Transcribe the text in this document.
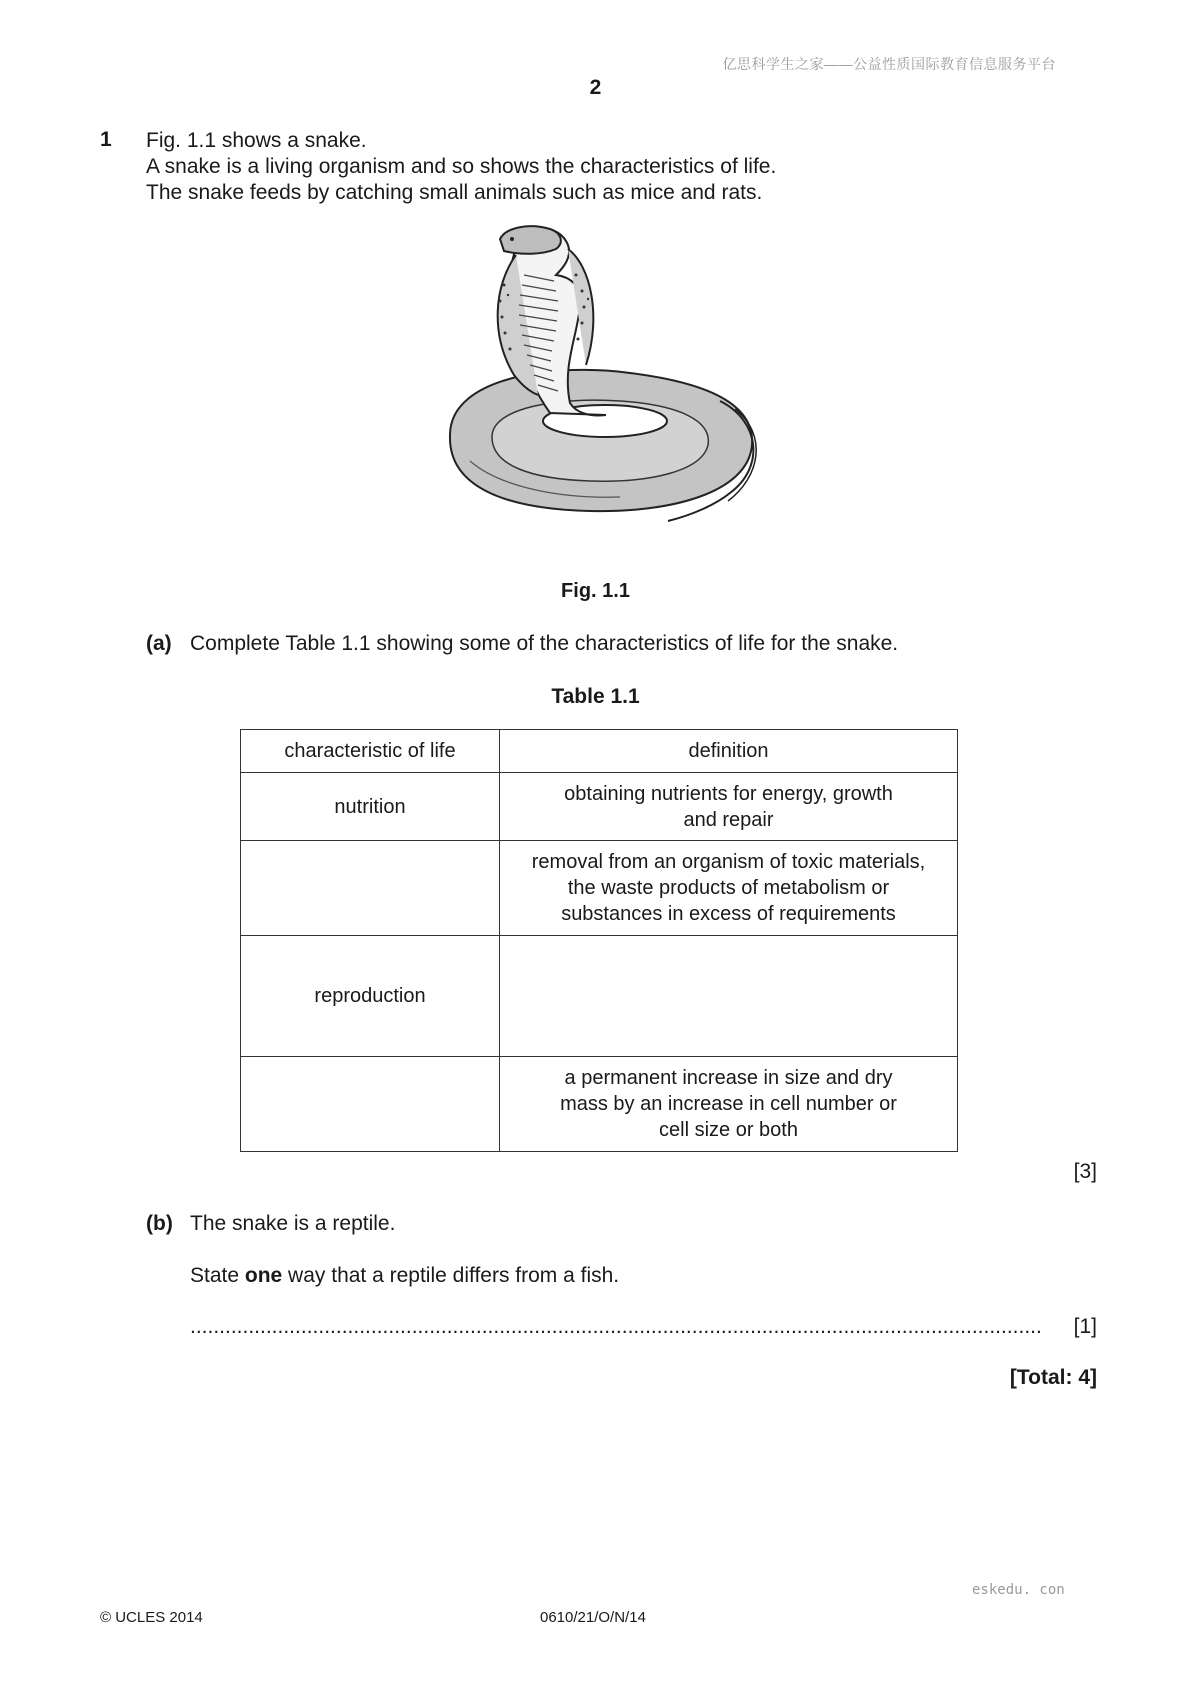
亿思科学生之家——公益性质国际教育信息服务平台
2
1 Fig. 1.1 shows a snake.
A snake is a living organism and so shows the characteristics of life.
The snake feeds by catching small animals such as mice and rats.
Fig. 1.1
(a) Complete Table 1.1 showing some of the characteristics of life for the snake.
Table 1.1
characteristic of life	definition
nutrition	obtaining nutrients for energy, growth
and repair

	removal from an organism of toxic materials,
the waste products of metabolism or
substances in excess of requirements

reproduction	

	a permanent increase in size and dry
mass by an increase in cell number or
cell size or both
[3]
(b) The snake is a reptile.
State one way that a reptile differs from a fish.
..................................................................................................................................................	[1]
[Total: 4]
eskedu. con
© UCLES 2014	0610/21/O/N/14
